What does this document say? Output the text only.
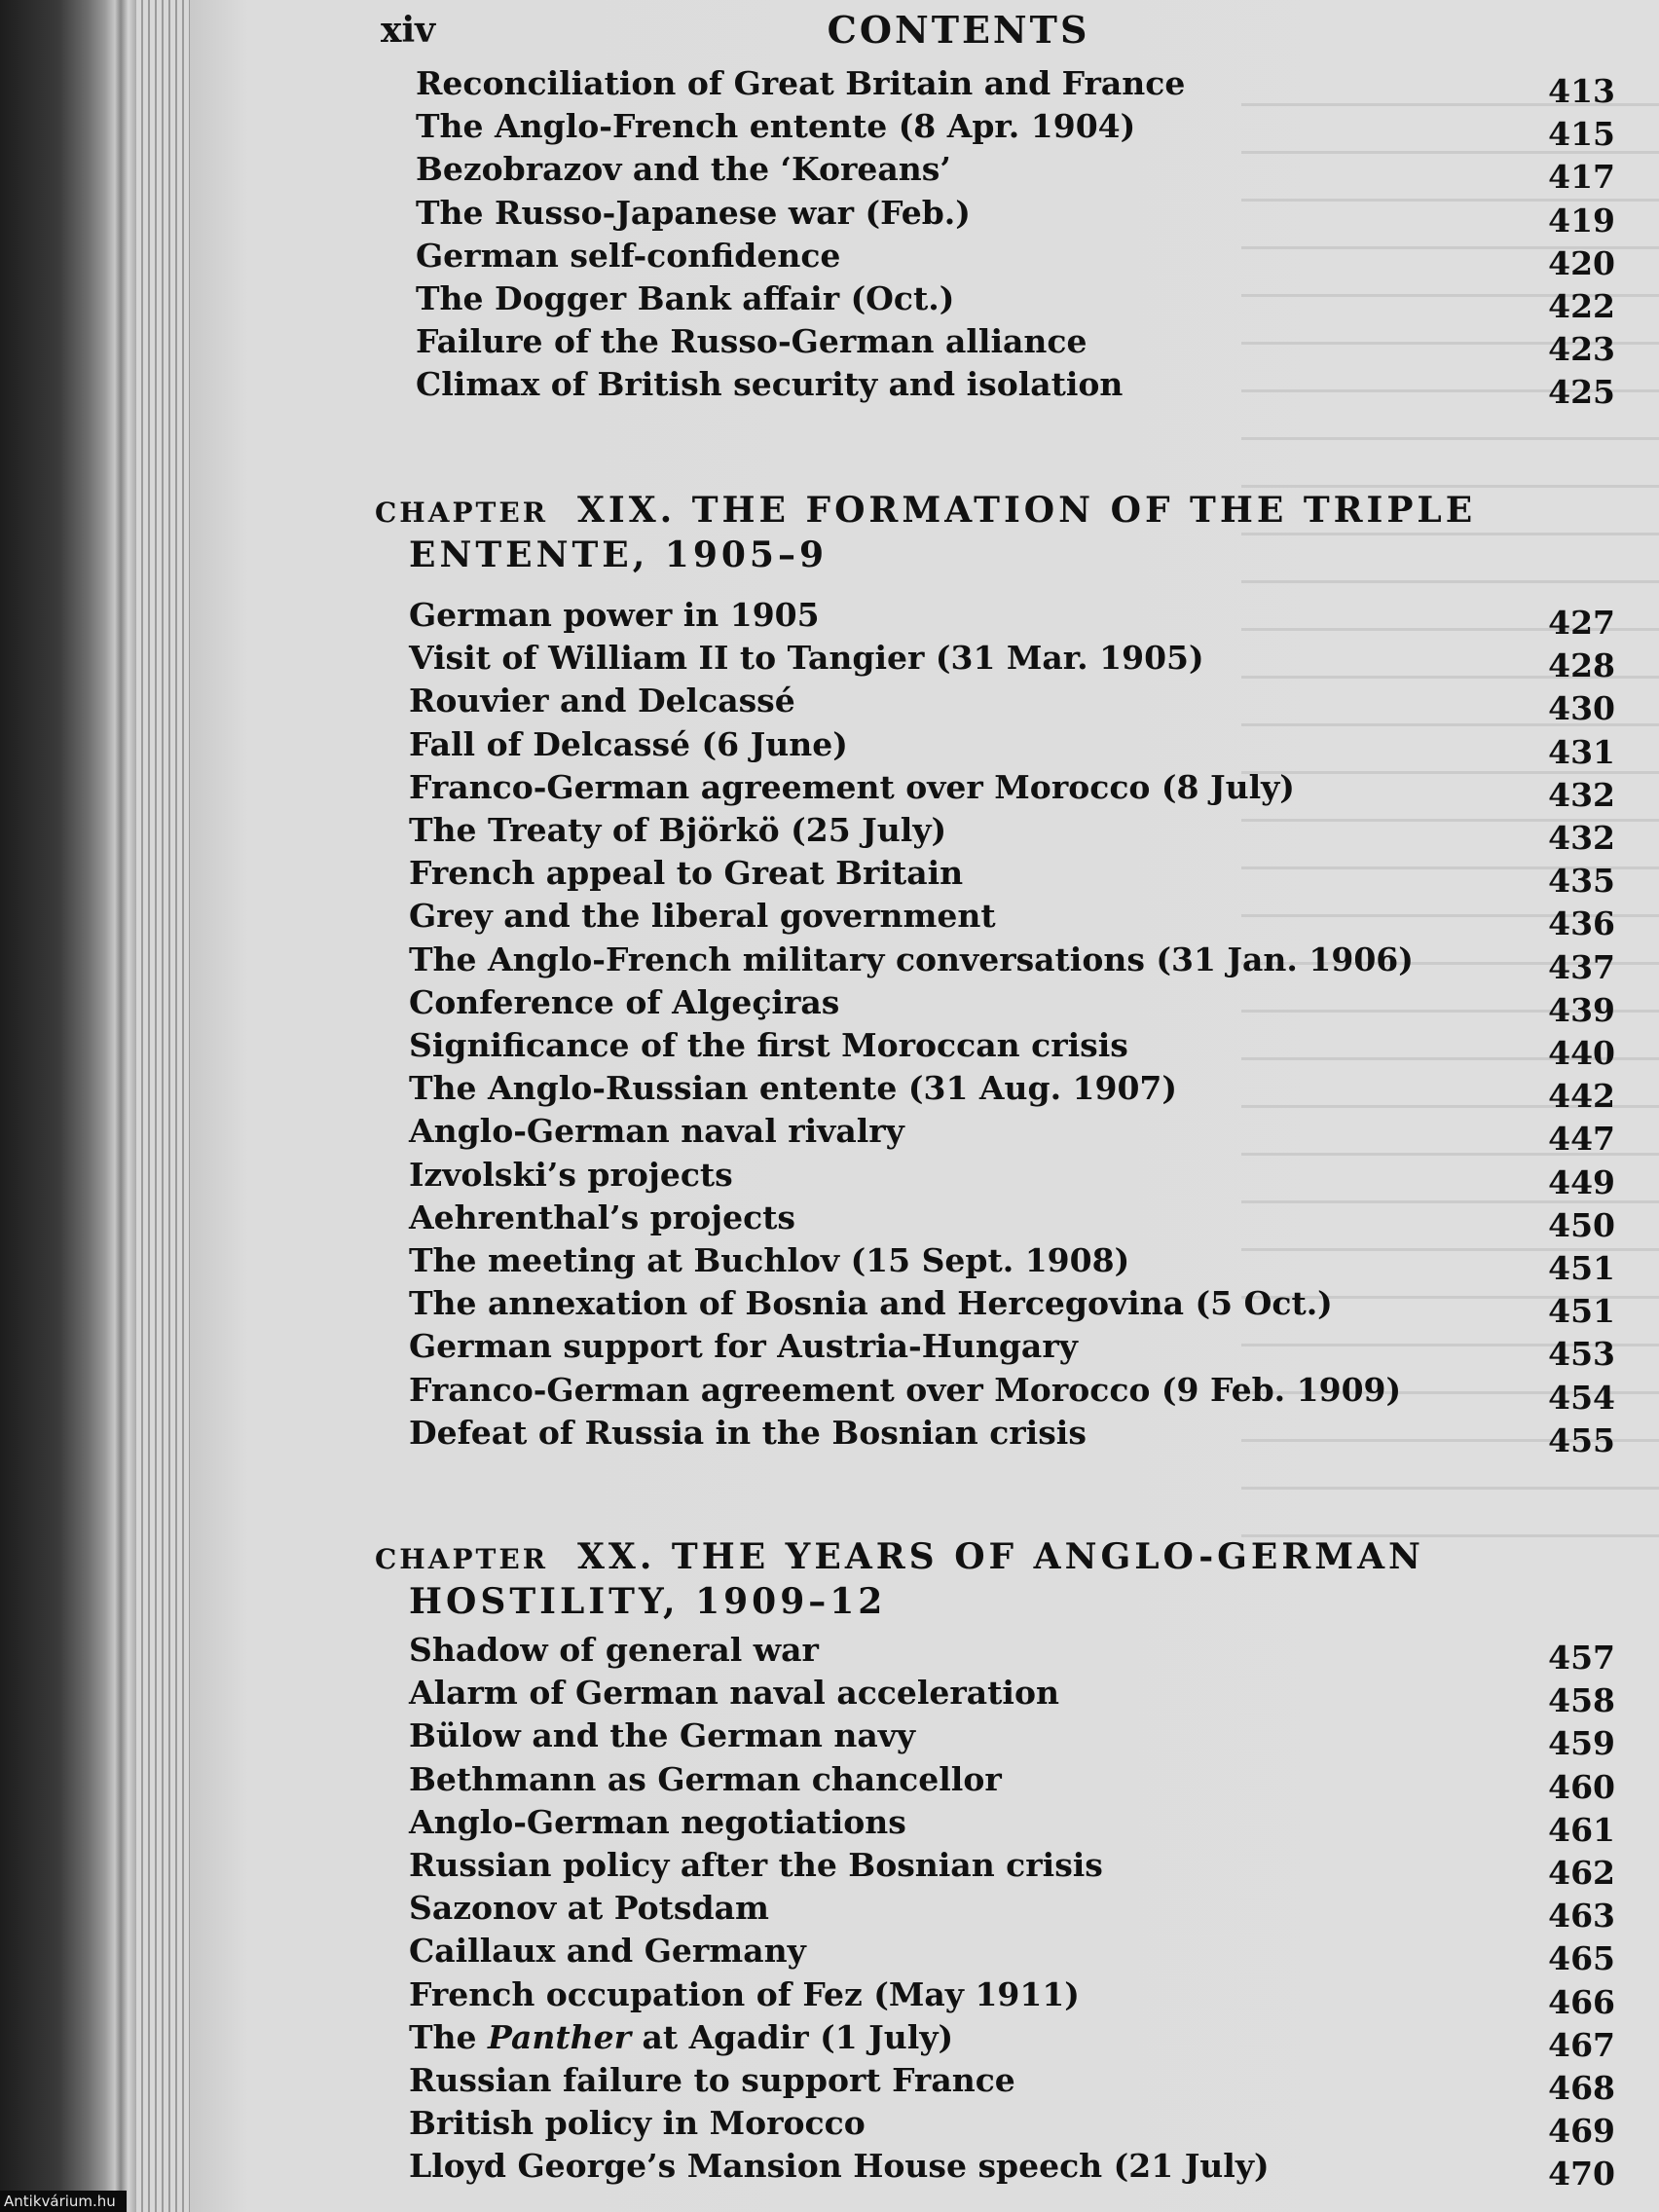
xiv	CONTENTS
Reconciliation of Great Britain and France	413
The Anglo-French entente (8 Apr. 1904)	415
Bezobrazov and the ‘Koreans’	417
The Russo-Japanese war (Feb.)	419
German self-confidence	420
The Dogger Bank affair (Oct.)	422
Failure of the Russo-German alliance	423
Climax of British security and isolation	425
CHAPTER XIX. THE FORMATION OF THE TRIPLE
ENTENTE, 1905–9
German power in 1905	427
Visit of William II to Tangier (31 Mar. 1905)	428
Rouvier and Delcassé	430
Fall of Delcassé (6 June)	431
Franco-German agreement over Morocco (8 July)	432
The Treaty of Björkö (25 July)	432
French appeal to Great Britain	435
Grey and the liberal government	436
The Anglo-French military conversations (31 Jan. 1906)	437
Conference of Algeçiras	439
Significance of the first Moroccan crisis	440
The Anglo-Russian entente (31 Aug. 1907)	442
Anglo-German naval rivalry	447
Izvolski’s projects	449
Aehrenthal’s projects	450
The meeting at Buchlov (15 Sept. 1908)	451
The annexation of Bosnia and Hercegovina (5 Oct.)	451
German support for Austria-Hungary	453
Franco-German agreement over Morocco (9 Feb. 1909)	454
Defeat of Russia in the Bosnian crisis	455
CHAPTER XX. THE YEARS OF ANGLO-GERMAN
HOSTILITY, 1909–12
Shadow of general war	457
Alarm of German naval acceleration	458
Bülow and the German navy	459
Bethmann as German chancellor	460
Anglo-German negotiations	461
Russian policy after the Bosnian crisis	462
Sazonov at Potsdam	463
Caillaux and Germany	465
French occupation of Fez (May 1911)	466
The Panther at Agadir (1 July)	467
Russian failure to support France	468
British policy in Morocco	469
Lloyd George’s Mansion House speech (21 July)	470
Antikvárium.hu
